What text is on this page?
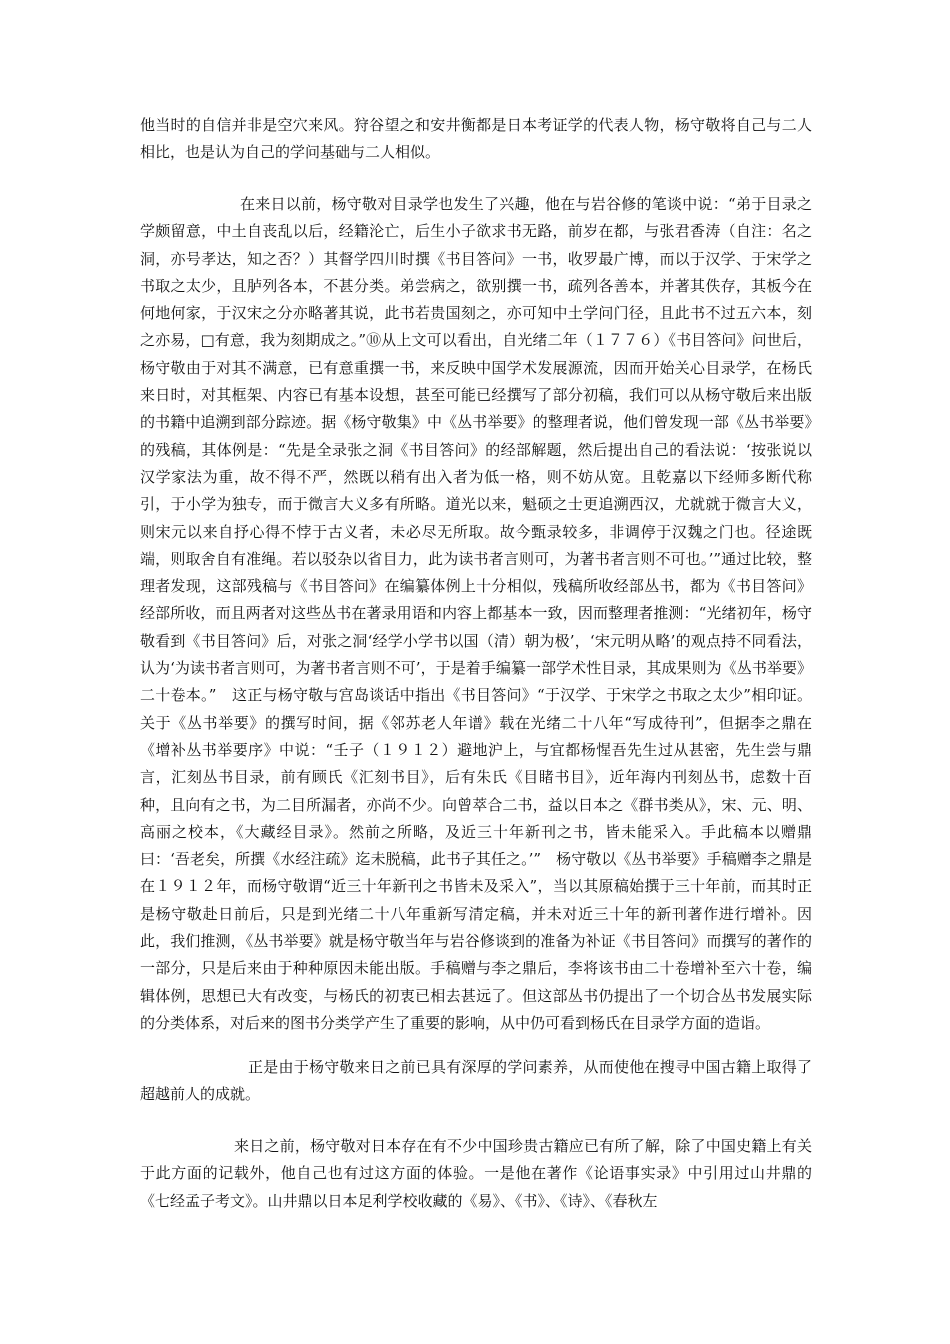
他当时的自信并非是空穴来风。狩谷望之和安井衡都是日本考证学的代表人物，杨守敬将自己与二人相比，也是认为自己的学问基础与二人相似。

在来日以前，杨守敬对目录学也发生了兴趣，他在与岩谷修的笔谈中说：“弟于目录之学颇留意，中土自丧乱以后，经籍沦亡，后生小子欲求书无路，前岁在都，与张君香涛（自注：名之洞，亦号孝达，知之否？）其督学四川时撰《书目答问》一书，收罗最广博，而以于汉学、于宋学之书取之太少，且胪列各本，不甚分类。弟尝病之，欲别撰一书，疏列各善本，并著其佚存，其板今在何地何家，于汉宋之分亦略著其说，此书若贵国刻之，亦可知中土学问门径，且此书不过五六本，刻之亦易，□有意，我为刻期成之。”⑩从上文可以看出，自光绪二年（１７７６）《书目答问》问世后，杨守敬由于对其不满意，已有意重撰一书，来反映中国学术发展源流，因而开始关心目录学，在杨氏来日时，对其框架、内容已有基本设想，甚至可能已经撰写了部分初稿，我们可以从杨守敬后来出版的书籍中追溯到部分踪迹。据《杨守敬集》中《丛书举要》的整理者说，他们曾发现一部《丛书举要》的残稿，其体例是：“先是全录张之洞《书目答问》的经部解题，然后提出自己的看法说：‘按张说以汉学家法为重，故不得不严，然既以稍有出入者为低一格，则不妨从宽。且乾嘉以下经师多断代称引，于小学为独专，而于微言大义多有所略。道光以来，魁硕之士更追溯西汉，尤就就于微言大义，则宋元以来自抒心得不悖于古义者，未必尽无所取。故今甄录较多，非调停于汉魏之门也。径途既端，则取舍自有准绳。若以驳杂以省目力，此为读书者言则可，为著书者言则不可也。’”通过比较，整理者发现，这部残稿与《书目答问》在编纂体例上十分相似，残稿所收经部丛书，都为《书目答问》经部所收，而且两者对这些丛书在著录用语和内容上都基本一致，因而整理者推测：“光绪初年，杨守敬看到《书目答问》后，对张之洞‘经学小学书以国（清）朝为极’，‘宋元明从略’的观点持不同看法，认为‘为读书者言则可，为著书者言则不可’，于是着手编纂一部学术性目录，其成果则为《丛书举要》二十卷本。”　这正与杨守敬与宫岛谈话中指出《书目答问》“于汉学、于宋学之书取之太少”相印证。关于《丛书举要》的撰写时间，据《邻苏老人年谱》载在光绪二十八年“写成待刊”，但据李之鼎在《增补丛书举要序》中说：“壬子（１９１２）避地沪上，与宜都杨惺吾先生过从甚密，先生尝与鼎言，汇刻丛书目录，前有顾氏《汇刻书目》，后有朱氏《目睹书目》，近年海内刊刻丛书，虑数十百种，且向有之书，为二目所漏者，亦尚不少。向曾萃合二书，益以日本之《群书类从》，宋、元、明、高丽之校本，《大藏经目录》。然前之所略，及近三十年新刊之书，皆未能采入。手此稿本以赠鼎曰：‘吾老矣，所撰《水经注疏》迄未脱稿，此书子其任之。’”　杨守敬以《丛书举要》手稿赠李之鼎是在１９１２年，而杨守敬谓“近三十年新刊之书皆未及采入”，当以其原稿始撰于三十年前，而其时正是杨守敬赴日前后，只是到光绪二十八年重新写清定稿，并未对近三十年的新刊著作进行增补。因此，我们推测，《丛书举要》就是杨守敬当年与岩谷修谈到的准备为补证《书目答问》而撰写的著作的一部分，只是后来由于种种原因未能出版。手稿赠与李之鼎后，李将该书由二十卷增补至六十卷，编辑体例，思想已大有改变，与杨氏的初衷已相去甚远了。但这部丛书仍提出了一个切合丛书发展实际的分类体系，对后来的图书分类学产生了重要的影响，从中仍可看到杨氏在目录学方面的造诣。

正是由于杨守敬来日之前已具有深厚的学问素养，从而使他在搜寻中国古籍上取得了超越前人的成就。

来日之前，杨守敬对日本存在有不少中国珍贵古籍应已有所了解，除了中国史籍上有关于此方面的记载外，他自己也有过这方面的体验。一是他在著作《论语事实录》中引用过山井鼎的《七经孟子考文》。山井鼎以日本足利学校收藏的《易》、《书》、《诗》、《春秋左
